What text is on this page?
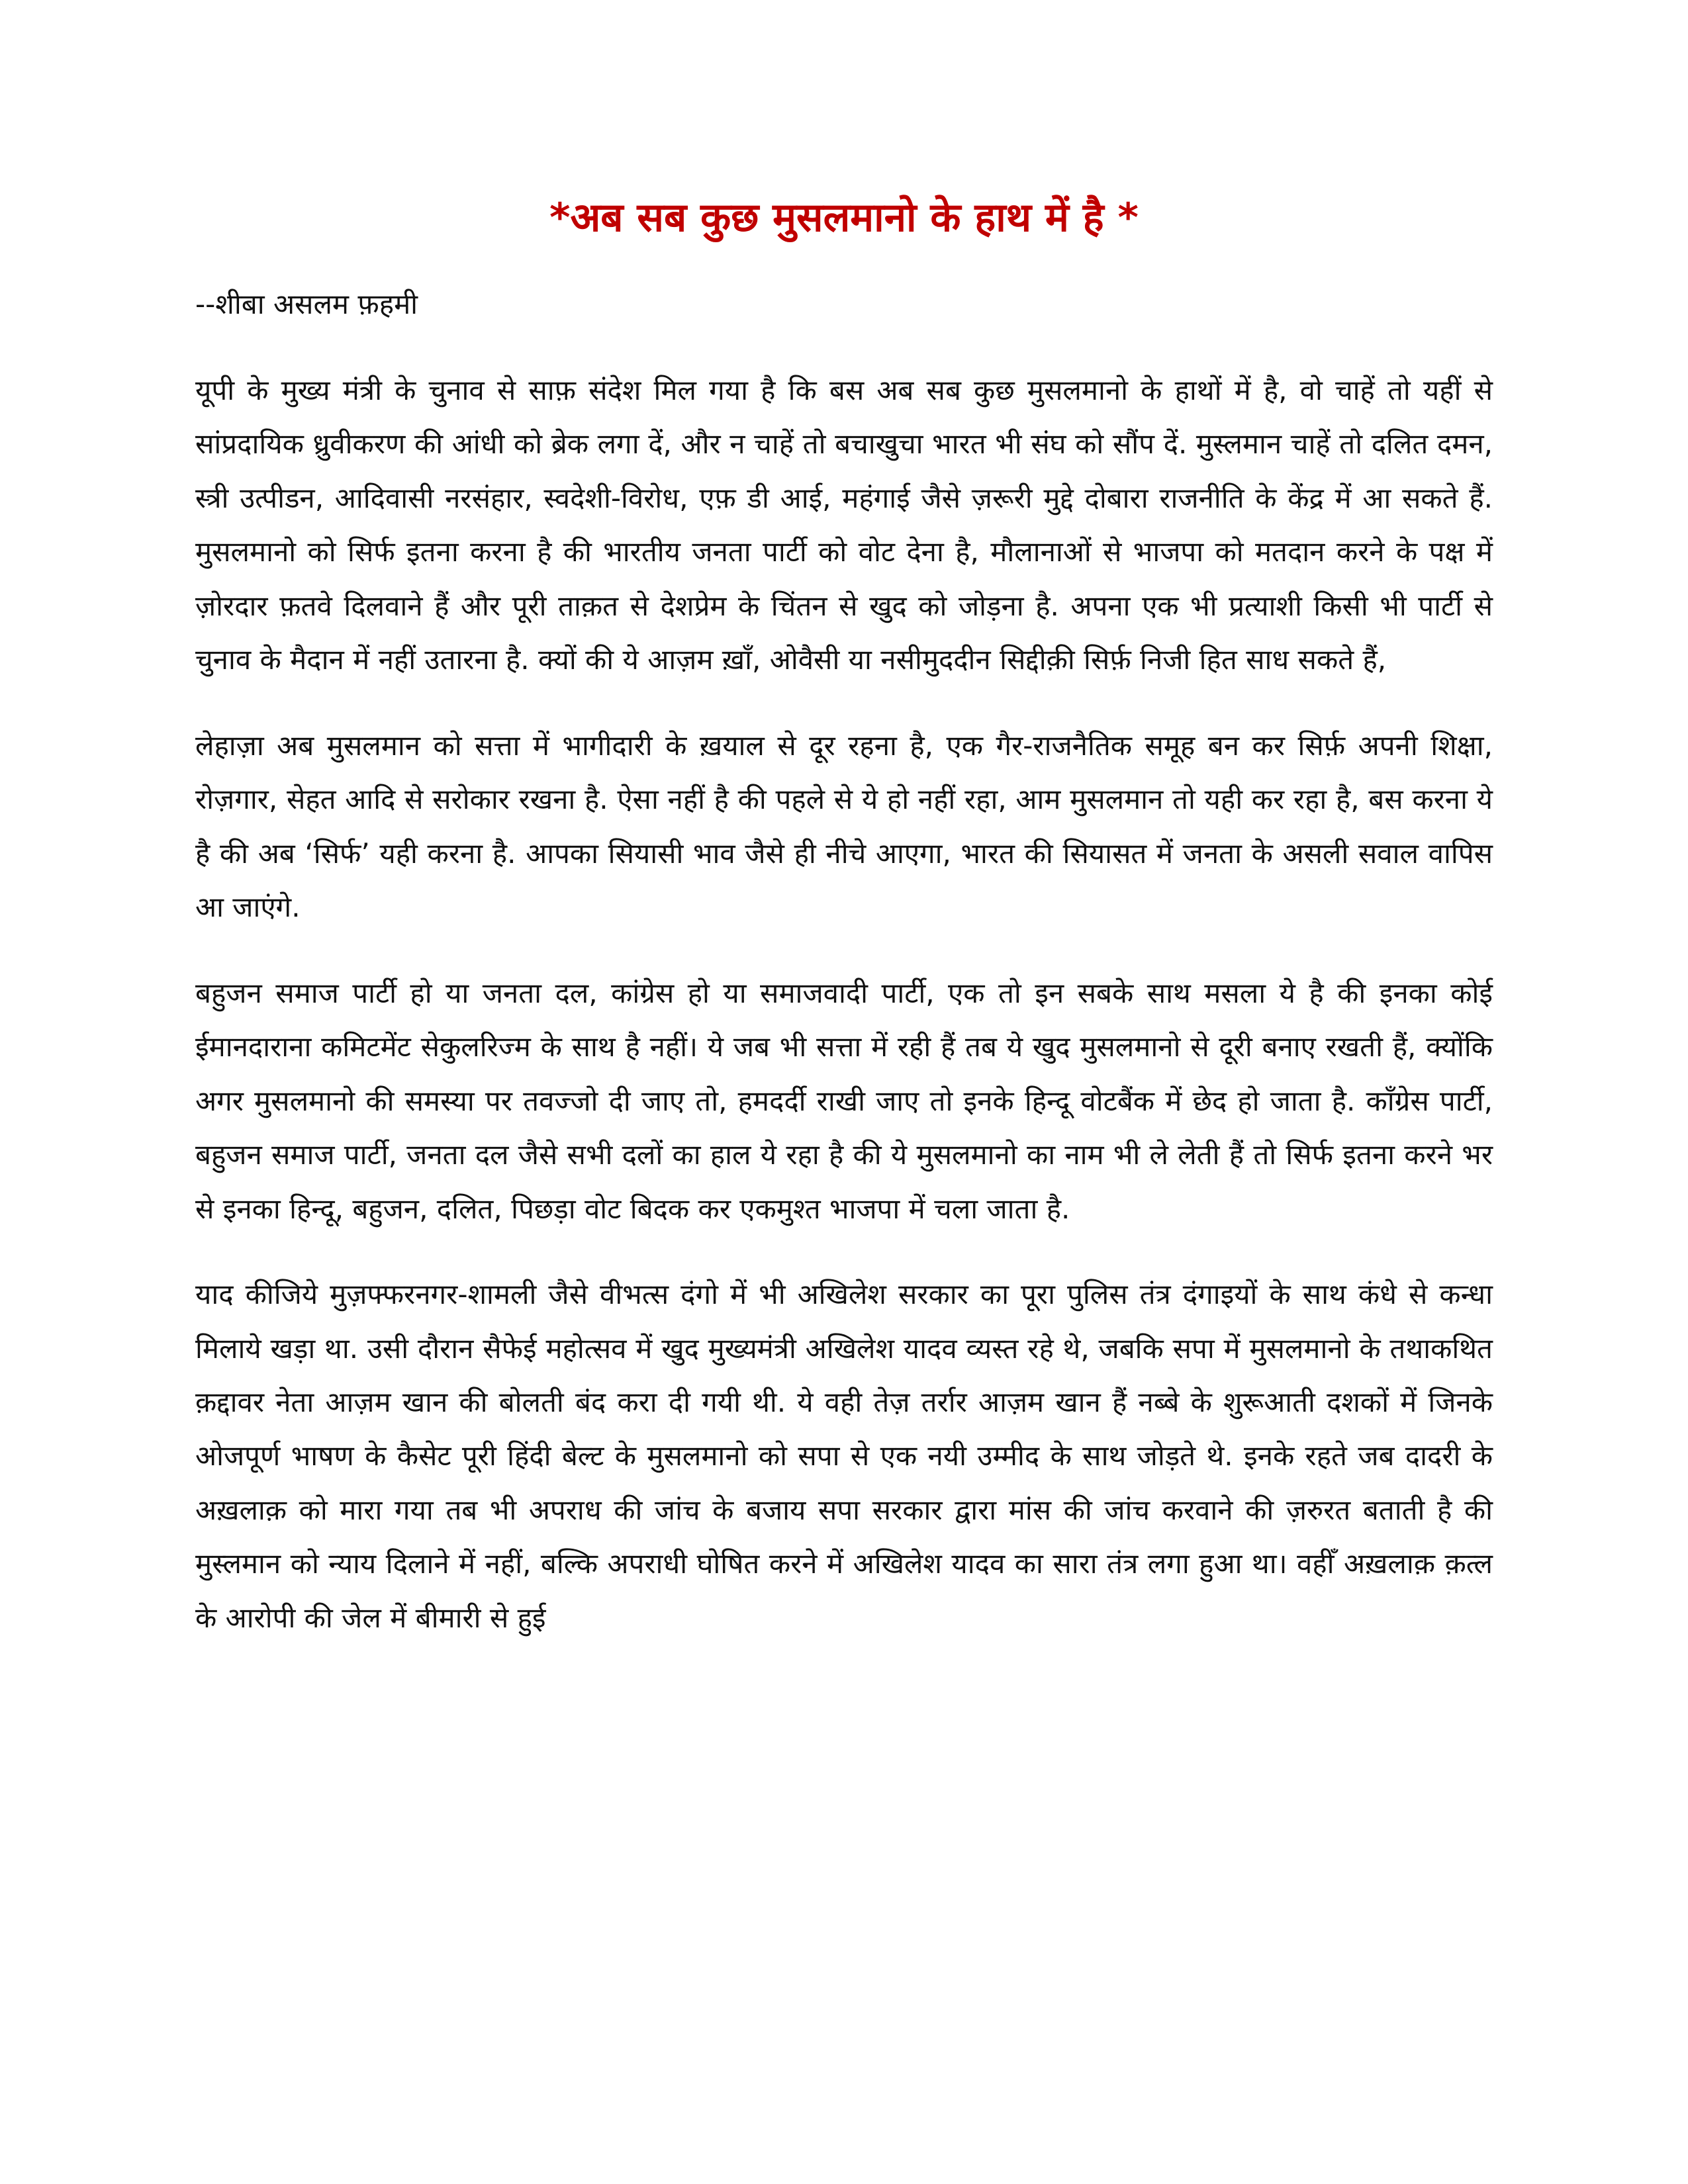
*अब सब कुछ मुसलमानो के हाथ में है *

--शीबा असलम फ़हमी

यूपी के मुख्य मंत्री के चुनाव से साफ़ संदेश मिल गया है कि बस अब सब कुछ मुसलमानो के हाथों में है, वो चाहें तो यहीं से सांप्रदायिक ध्रुवीकरण की आंधी को ब्रेक लगा दें, और न चाहें तो बचाखुचा भारत भी संघ को सौंप दें. मुस्लमान चाहें तो दलित दमन, स्त्री उत्पीडन, आदिवासी नरसंहार, स्वदेशी-विरोध, एफ़ डी आई, महंगाई जैसे ज़रूरी मुद्दे दोबारा राजनीति के केंद्र में आ सकते हैं. मुसलमानो को सिर्फ इतना करना है की भारतीय जनता पार्टी को वोट देना है, मौलानाओं से भाजपा को मतदान करने के पक्ष में ज़ोरदार फ़तवे दिलवाने हैं और पूरी ताक़त से देशप्रेम के चिंतन से खुद को जोड़ना है. अपना एक भी प्रत्याशी किसी भी पार्टी से चुनाव के मैदान में नहीं उतारना है. क्यों की ये आज़म ख़ाँ, ओवैसी या नसीमुददीन सिद्दीक़ी सिर्फ़ निजी हित साध सकते हैं,

लेहाज़ा अब मुसलमान को सत्ता में भागीदारी के ख़याल से दूर रहना है, एक गैर-राजनैतिक समूह बन कर सिर्फ़ अपनी शिक्षा, रोज़गार, सेहत आदि से सरोकार रखना है. ऐसा नहीं है की पहले से ये हो नहीं रहा, आम मुसलमान तो यही कर रहा है, बस करना ये है की अब ‘सिर्फ’ यही करना है. आपका सियासी भाव जैसे ही नीचे आएगा, भारत की सियासत में जनता के असली सवाल वापिस आ जाएंगे.

बहुजन समाज पार्टी हो या जनता दल, कांग्रेस हो या समाजवादी पार्टी, एक तो इन सबके साथ मसला ये है की इनका कोई ईमानदाराना कमिटमेंट सेकुलरिज्म के साथ है नहीं। ये जब भी सत्ता में रही हैं तब ये खुद मुसलमानो से दूरी बनाए रखती हैं, क्योंकि अगर मुसलमानो की समस्या पर तवज्जो दी जाए तो, हमदर्दी राखी जाए तो इनके हिन्दू वोटबैंक में छेद हो जाता है. काँग्रेस पार्टी, बहुजन समाज पार्टी, जनता दल जैसे सभी दलों का हाल ये रहा है की ये मुसलमानो का नाम भी ले लेती हैं तो सिर्फ इतना करने भर से इनका हिन्दू, बहुजन, दलित, पिछड़ा वोट बिदक कर एकमुश्त भाजपा में चला जाता है.

याद कीजिये मुज़फ्फरनगर-शामली जैसे वीभत्स दंगो में भी अखिलेश सरकार का पूरा पुलिस तंत्र दंगाइयों के साथ कंधे से कन्धा मिलाये खड़ा था. उसी दौरान सैफेई महोत्सव में खुद मुख्यमंत्री अखिलेश यादव व्यस्त रहे थे, जबकि सपा में मुसलमानो के तथाकथित क़द्दावर नेता आज़म खान की बोलती बंद करा दी गयी थी. ये वही तेज़ तर्रार आज़म खान हैं नब्बे के शुरूआती दशकों में जिनके ओजपूर्ण भाषण के कैसेट पूरी हिंदी बेल्ट के मुसलमानो को सपा से एक नयी उम्मीद के साथ जोड़ते थे. इनके रहते जब दादरी के अख़लाक़ को मारा गया तब भी अपराध की जांच के बजाय सपा सरकार द्वारा मांस की जांच करवाने की ज़रुरत बताती है की मुस्लमान को न्याय दिलाने में नहीं, बल्कि अपराधी घोषित करने में अखिलेश यादव का सारा तंत्र लगा हुआ था। वहीँ अख़लाक़ क़त्ल के आरोपी की जेल में बीमारी से हुई
